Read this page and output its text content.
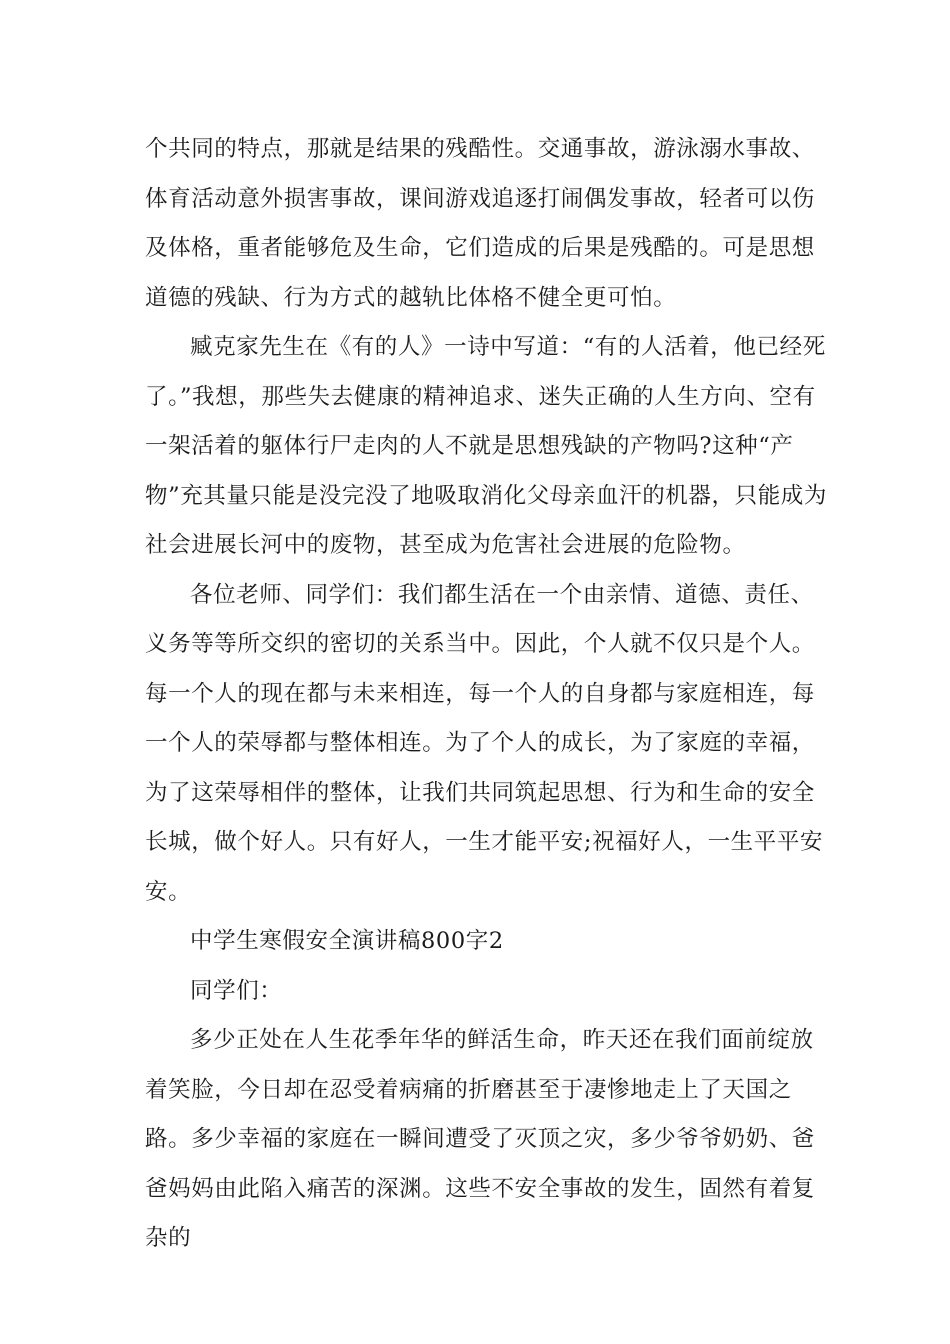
个共同的特点，那就是结果的残酷性。交通事故，游泳溺水事故、体育活动意外损害事故，课间游戏追逐打闹偶发事故，轻者可以伤及体格，重者能够危及生命，它们造成的后果是残酷的。可是思想道德的残缺、行为方式的越轨比体格不健全更可怕。

臧克家先生在《有的人》一诗中写道：“有的人活着，他已经死了。”我想，那些失去健康的精神追求、迷失正确的人生方向、空有一架活着的躯体行尸走肉的人不就是思想残缺的产物吗?这种“产物”充其量只能是没完没了地吸取消化父母亲血汗的机器，只能成为社会进展长河中的废物，甚至成为危害社会进展的危险物。

各位老师、同学们：我们都生活在一个由亲情、道德、责任、义务等等所交织的密切的关系当中。因此，个人就不仅只是个人。每一个人的现在都与未来相连，每一个人的自身都与家庭相连，每一个人的荣辱都与整体相连。为了个人的成长，为了家庭的幸福，为了这荣辱相伴的整体，让我们共同筑起思想、行为和生命的安全长城，做个好人。只有好人，一生才能平安;祝福好人，一生平平安安。

中学生寒假安全演讲稿800字2

同学们：

多少正处在人生花季年华的鲜活生命，昨天还在我们面前绽放着笑脸，今日却在忍受着病痛的折磨甚至于凄惨地走上了天国之路。多少幸福的家庭在一瞬间遭受了灭顶之灾，多少爷爷奶奶、爸爸妈妈由此陷入痛苦的深渊。这些不安全事故的发生，固然有着复杂的
